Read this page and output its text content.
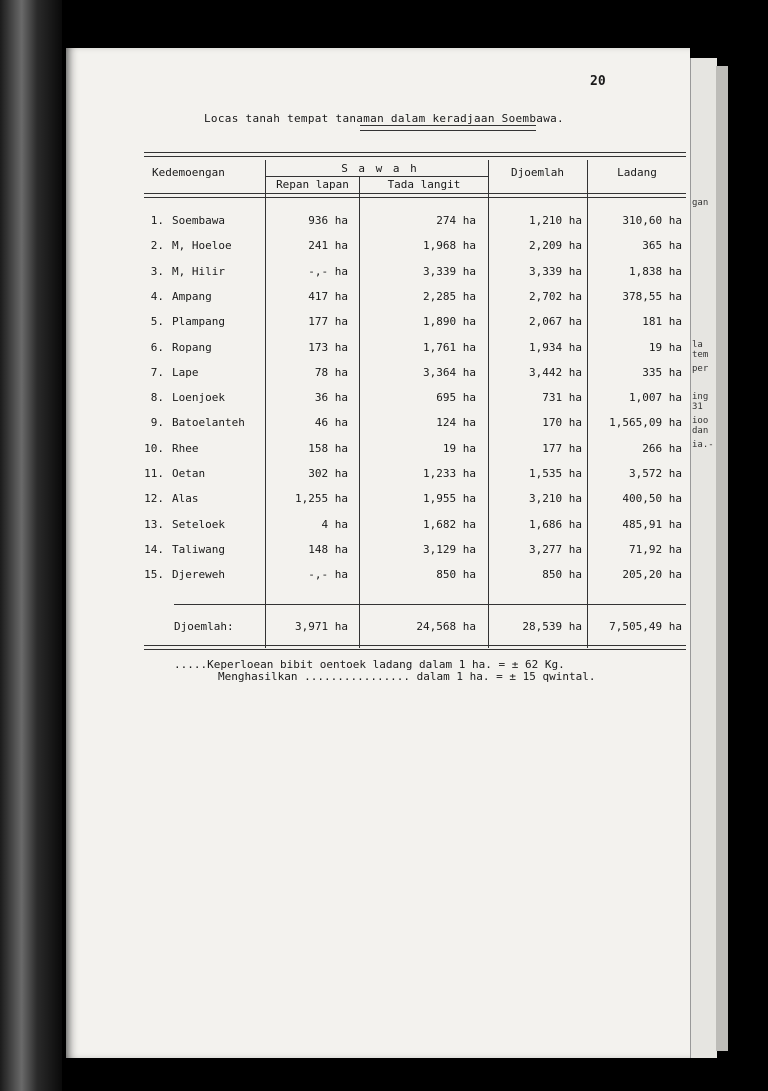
gan
la
tem
per
ing
31
ioo
dan
ia.-
20
Locas tanah tempat tanaman dalam keradjaan Soembawa.
Kedemoengan	S a w a h
Repan lapan	Tada langit
Djoemlah	Ladang
1. Soembawa	936 ha	274 ha	1,210 ha	310,60 ha
2. M, Hoeloe	241 ha	1,968 ha	2,209 ha	365 ha
3. M, Hilir	-,- ha	3,339 ha	3,339 ha	1,838 ha
4. Ampang	417 ha	2,285 ha	2,702 ha	378,55 ha
5. Plampang	177 ha	1,890 ha	2,067 ha	181 ha
6. Ropang	173 ha	1,761 ha	1,934 ha	19 ha
7. Lape	78 ha	3,364 ha	3,442 ha	335 ha
8. Loenjoek	36 ha	695 ha	731 ha	1,007 ha
9. Batoelanteh	46 ha	124 ha	170 ha	1,565,09 ha
10. Rhee	158 ha	19 ha	177 ha	266 ha
11. Oetan	302 ha	1,233 ha	1,535 ha	3,572 ha
12. Alas	1,255 ha	1,955 ha	3,210 ha	400,50 ha
13. Seteloek	4 ha	1,682 ha	1,686 ha	485,91 ha
14. Taliwang	148 ha	3,129 ha	3,277 ha	71,92 ha
15. Djereweh	-,- ha	850 ha	850 ha	205,20 ha
Djoemlah:	3,971 ha	24,568 ha	28,539 ha	7,505,49 ha
.....Keperloean bibit oentoek ladang dalam 1 ha. = ± 62 Kg.
Menghasilkan ................ dalam 1 ha. = ± 15 qwintal.
